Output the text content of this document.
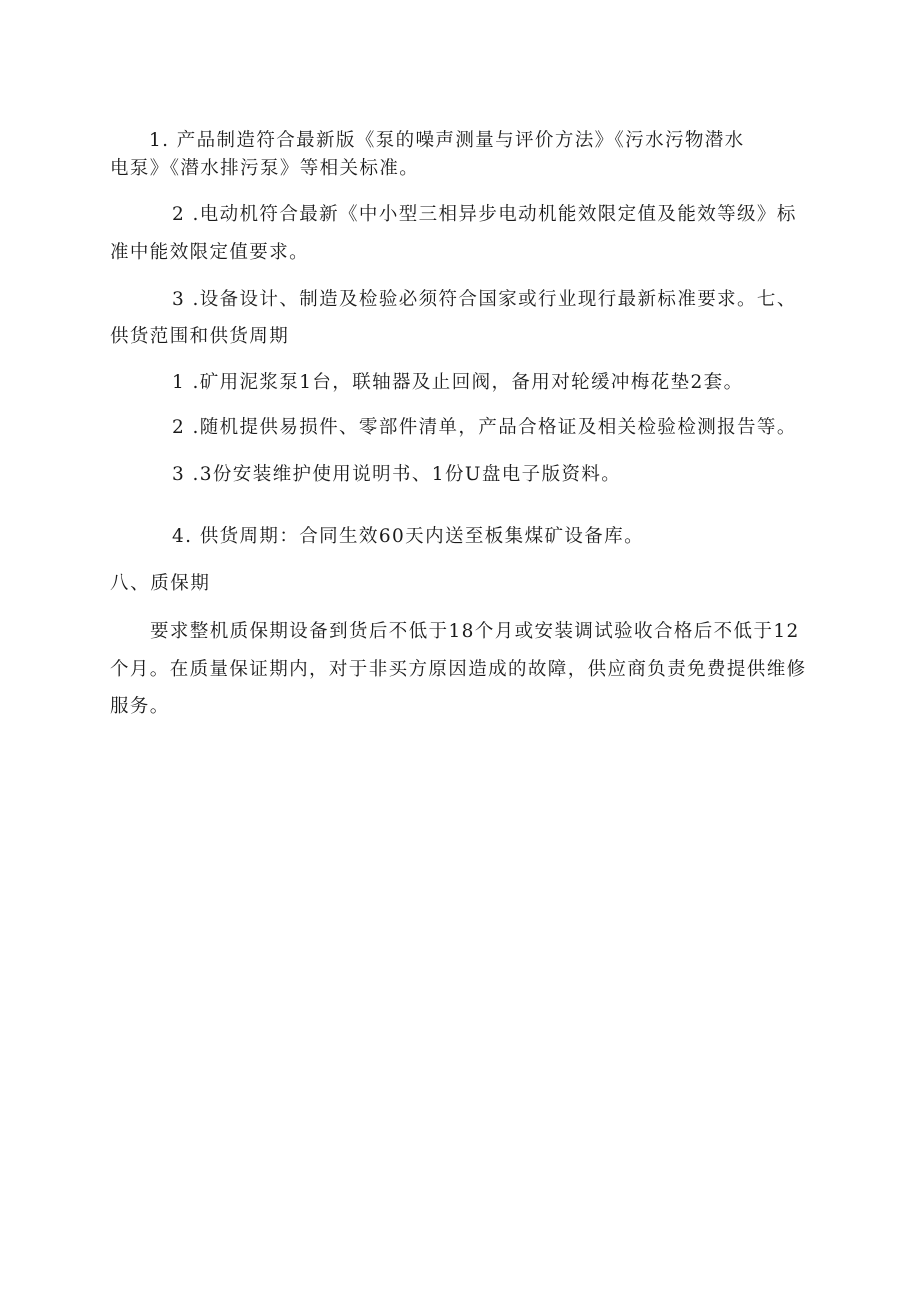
1. 产品制造符合最新版《泵的噪声测量与评价方法》《污水污物潜水
电泵》《潜水排污泵》等相关标准。
2 .电动机符合最新《中小型三相异步电动机能效限定值及能效等级》标
准中能效限定值要求。
3 .设备设计、制造及检验必须符合国家或行业现行最新标准要求。七、
供货范围和供货周期
1 .矿用泥浆泵1台，联轴器及止回阀，备用对轮缓冲梅花垫2套。
2 .随机提供易损件、零部件清单，产品合格证及相关检验检测报告等。
3 .3份安装维护使用说明书、1份U盘电子版资料。
4. 供货周期：合同生效60天内送至板集煤矿设备库。
八、质保期
要求整机质保期设备到货后不低于18个月或安装调试验收合格后不低于12
个月。在质量保证期内，对于非买方原因造成的故障，供应商负责免费提供维修
服务。
